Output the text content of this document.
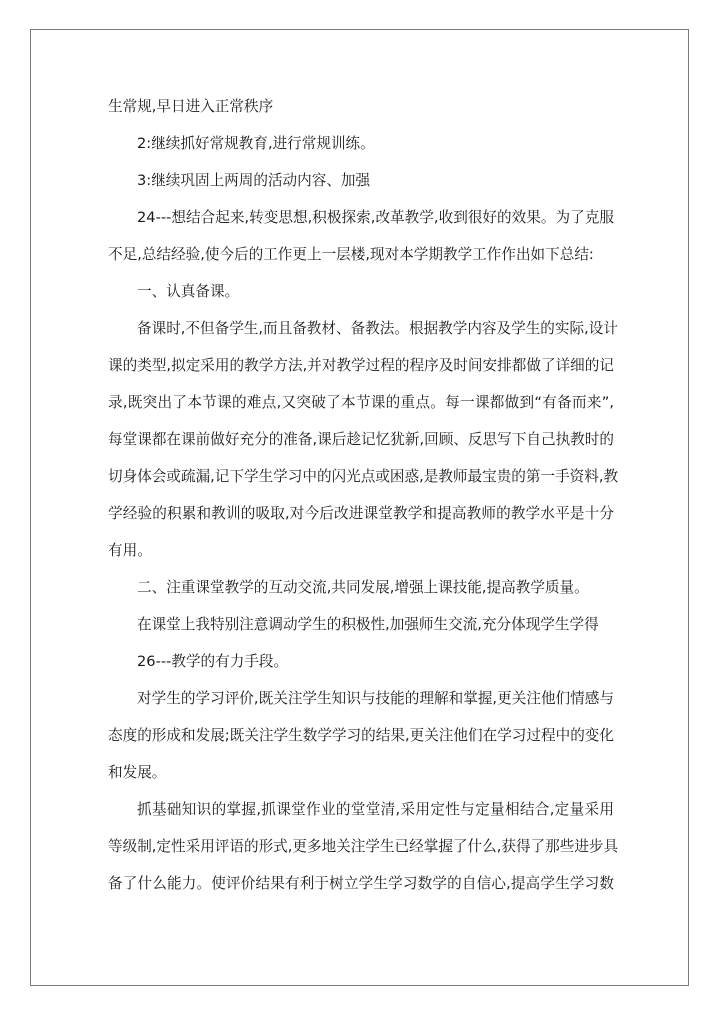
生常规,早日进入正常秩序
2:继续抓好常规教育,进行常规训练。
3:继续巩固上两周的活动内容、加强
24---想结合起来,转变思想,积极探索,改革教学,收到很好的效果。为了克服
不足,总结经验,使今后的工作更上一层楼,现对本学期教学工作作出如下总结:
一、认真备课。
备课时,不但备学生,而且备教材、备教法。根据教学内容及学生的实际,设计
课的类型,拟定采用的教学方法,并对教学过程的程序及时间安排都做了详细的记
录,既突出了本节课的难点,又突破了本节课的重点。每一课都做到“有备而来”,
每堂课都在课前做好充分的准备,课后趁记忆犹新,回顾、反思写下自己执教时的
切身体会或疏漏,记下学生学习中的闪光点或困惑,是教师最宝贵的第一手资料,教
学经验的积累和教训的吸取,对今后改进课堂教学和提高教师的教学水平是十分
有用。
二、注重课堂教学的互动交流,共同发展,增强上课技能,提高教学质量。
在课堂上我特别注意调动学生的积极性,加强师生交流,充分体现学生学得
26---教学的有力手段。
对学生的学习评价,既关注学生知识与技能的理解和掌握,更关注他们情感与
态度的形成和发展;既关注学生数学学习的结果,更关注他们在学习过程中的变化
和发展。
抓基础知识的掌握,抓课堂作业的堂堂清,采用定性与定量相结合,定量采用
等级制,定性采用评语的形式,更多地关注学生已经掌握了什么,获得了那些进步具
备了什么能力。使评价结果有利于树立学生学习数学的自信心,提高学生学习数
